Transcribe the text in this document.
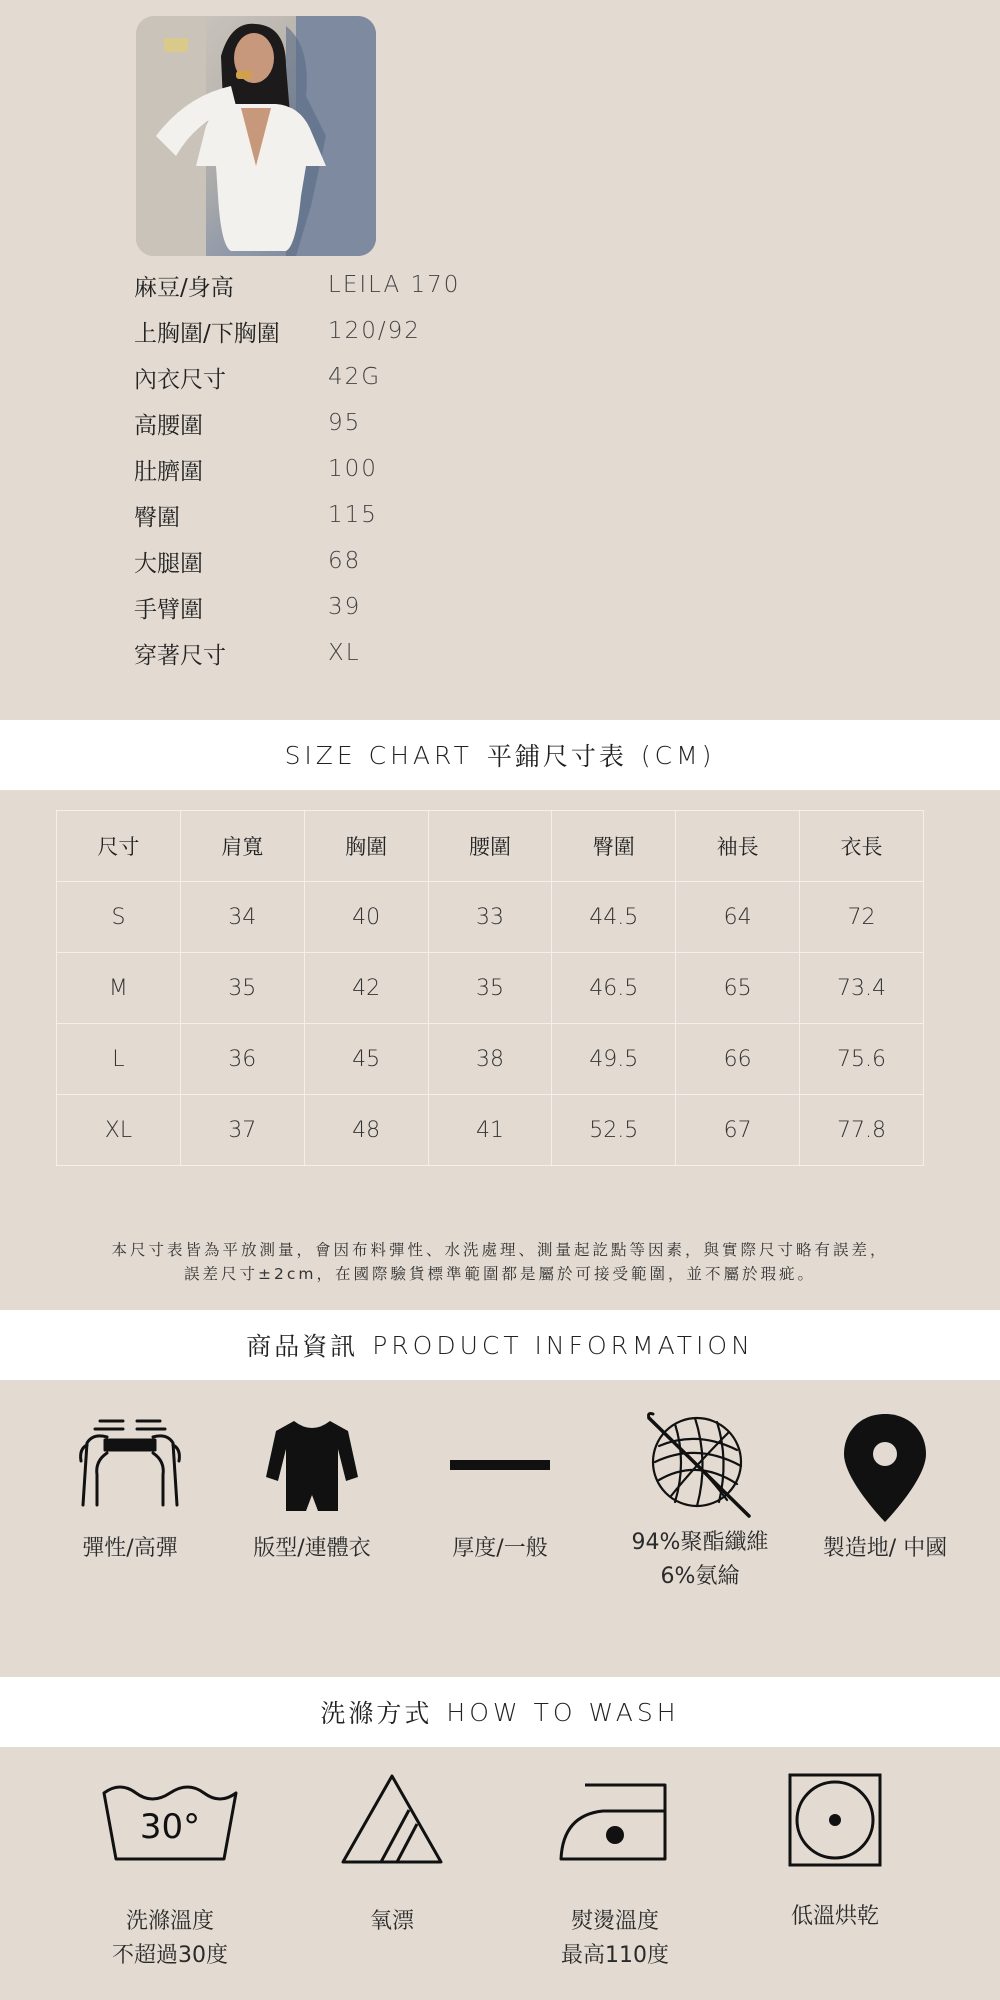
麻豆/身高	LEILA 170
上胸圍/下胸圍	120/92
內衣尺寸	42G
高腰圍	95
肚臍圍	100
臀圍	115
大腿圍	68
手臂圍	39
穿著尺寸	XL
SIZE CHART 平鋪尺寸表 (CM)
尺寸	肩寬	胸圍	腰圍	臀圍	袖長	衣長
S	34	40	33	44.5	64	72
M	35	42	35	46.5	65	73.4
L	36	45	38	49.5	66	75.6
XL	37	48	41	52.5	67	77.8
本尺寸表皆為平放測量，會因布料彈性、水洗處理、測量起訖點等因素，與實際尺寸略有誤差，
誤差尺寸±2cm，在國際驗貨標準範圍都是屬於可接受範圍，並不屬於瑕疵。
商品資訊 PRODUCT INFORMATION
彈性/高彈	版型/連體衣	厚度/一般	94%聚酯纖維
6%氨綸
製造地/ 中國
洗滌方式 HOW TO WASH
30°
洗滌溫度
不超過30度
氧漂	熨燙溫度
最高110度
低溫烘乾
